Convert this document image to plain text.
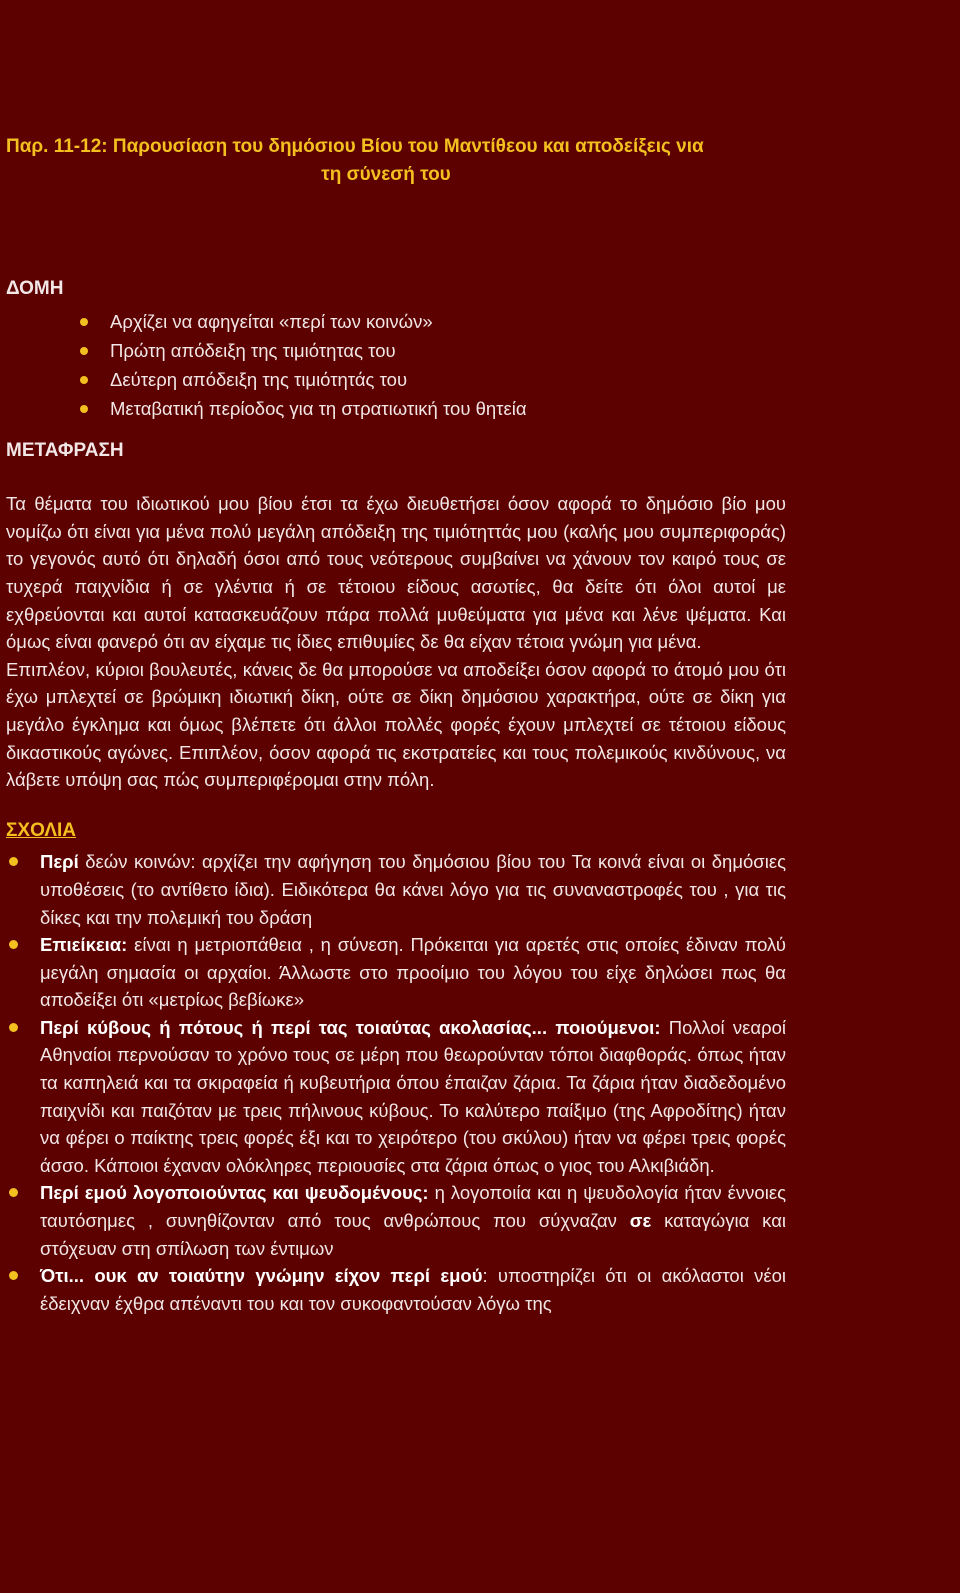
Παρ. 11-12: Παρουσίαση του δημόσιου Βίου του Μαντίθεου και αποδείξεις νια
τη σύνεσή του
ΔΟΜΗ
Αρχίζει να αφηγείται «περί των κοινών»
Πρώτη απόδειξη της τιμιότητας του
Δεύτερη απόδειξη της τιμιότητάς του
Μεταβατική περίοδος για τη στρατιωτική του θητεία
ΜΕΤΑΦΡΑΣΗ

Τα θέματα του ιδιωτικού μου βίου έτσι τα έχω διευθετήσει όσον αφορά το δημόσιο βίο μου νομίζω ότι είναι για μένα πολύ μεγάλη απόδειξη της τιμιότηττάς μου (καλής μου συμπεριφοράς) το γεγονός αυτό ότι δηλαδή όσοι από τους νεότερους συμβαίνει να χάνουν τον καιρό τους σε τυχερά παιχνίδια ή σε γλέντια ή σε τέτοιου είδους ασωτίες, θα δείτε ότι όλοι αυτοί με εχθρεύονται και αυτοί κατασκευάζουν πάρα πολλά μυθεύματα για μένα και λένε ψέματα. Και όμως είναι φανερό ότι αν είχαμε τις ίδιες επιθυμίες δε θα είχαν τέτοια γνώμη για μένα.

Επιπλέον, κύριοι βουλευτές, κάνεις δε θα μπορούσε να αποδείξει όσον αφορά το άτομό μου ότι έχω μπλεχτεί σε βρώμικη ιδιωτική δίκη, ούτε σε δίκη δημόσιου χαρακτήρα, ούτε σε δίκη για μεγάλο έγκλημα και όμως βλέπετε ότι άλλοι πολλές φορές έχουν μπλεχτεί σε τέτοιου είδους δικαστικούς αγώνες. Επιπλέον, όσον αφορά τις εκστρατείες και τους πολεμικούς κινδύνους, να λάβετε υπόψη σας πώς συμπεριφέρομαι στην πόλη.

ΣΧΟΛΙΑ
Περί δεών κοινών: αρχίζει την αφήγηση του δημόσιου βίου του Τα κοινά είναι οι δημόσιες υποθέσεις (το αντίθετο ίδια). Ειδικότερα θα κάνει λόγο για τις συναναστροφές του , για τις δίκες και την πολεμική του δράση
Επιείκεια: είναι η μετριοπάθεια , η σύνεση. Πρόκειται για αρετές στις οποίες έδιναν πολύ μεγάλη σημασία οι αρχαίοι. Άλλωστε στο προοίμιο του λόγου του είχε δηλώσει πως θα αποδείξει ότι «μετρίως βεβίωκε»
Περί κύβους ή πότους ή περί τας τοιαύτας ακολασίας... ποιούμενοι: Πολλοί νεαροί Αθηναίοι περνούσαν το χρόνο τους σε μέρη που θεωρούνταν τόποι διαφθοράς. όπως ήταν τα καπηλειά και τα σκιραφεία ή κυβευτήρια όπου έπαιζαν ζάρια. Τα ζάρια ήταν διαδεδομένο παιχνίδι και παιζόταν με τρεις πήλινους κύβους. Το καλύτερο παίξιμο (της Αφροδίτης) ήταν να φέρει ο παίκτης τρεις φορές έξι και το χειρότερο (του σκύλου) ήταν να φέρει τρεις φορές άσσο. Κάποιοι έχαναν ολόκληρες περιουσίες στα ζάρια όπως ο γιος του Αλκιβιάδη.
Περί εμού λογοποιούντας και ψευδομένους: η λογοποιία και η ψευδολογία ήταν έννοιες ταυτόσημες , συνηθίζονταν από τους ανθρώπους που σύχναζαν σε καταγώγια και στόχευαν στη σπίλωση των έντιμων
Ότι... ουκ αν τοιαύτην γνώμην είχον περί εμού: υποστηρίζει ότι οι ακόλαστοι νέοι έδειχναν έχθρα απέναντι του και τον συκοφαντούσαν λόγω της
